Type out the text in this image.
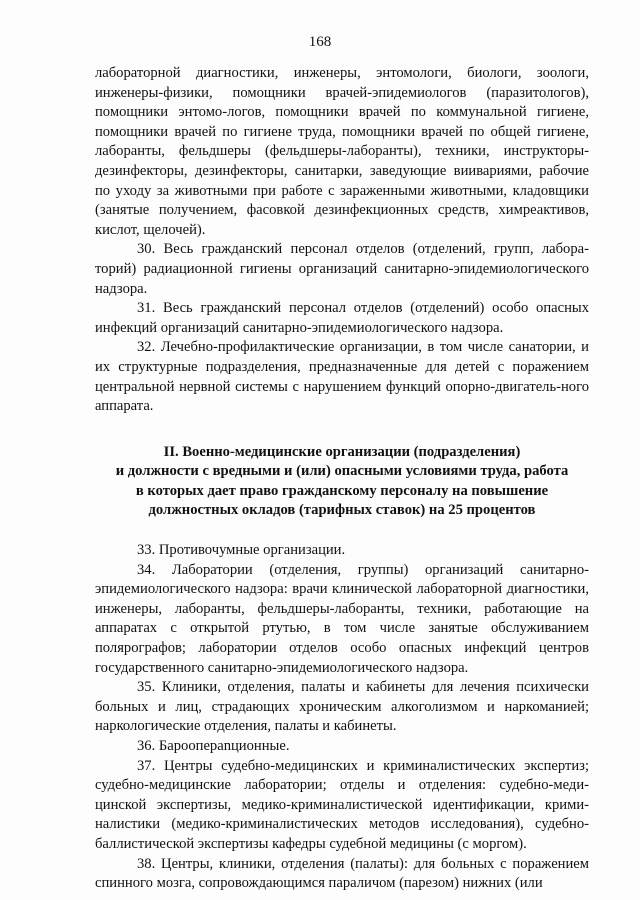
168

лабораторной диагностики, инженеры, энтомологи, биологи, зоологи, инженеры-физики, помощники врачей-эпидемиологов (паразитологов), помощники энтомо-логов, помощники врачей по коммунальной гигиене, помощники врачей по гигиене труда, помощники врачей по общей гигиене, лаборанты, фельдшеры (фельдшеры-лаборанты), техники, инструкторы-дезинфекторы, дезинфекторы, санитарки, заведующие виивариями, рабочие по уходу за животными при работе с зараженными животными, кладовщики (занятые получением, фасовкой дезинфекционных средств, химреактивов, кислот, щелочей).

30. Весь гражданский персонал отделов (отделений, групп, лабора-торий) радиационной гигиены организаций санитарно-эпидемиологического надзора.

31. Весь гражданский персонал отделов (отделений) особо опасных инфекций организаций санитарно-эпидемиологического надзора.

32. Лечебно-профилактические организации, в том числе санатории, и их структурные подразделения, предназначенные для детей с поражением центральной нервной системы с нарушением функций опорно-двигатель-ного аппарата.

II. Военно-медицинские организации (подразделения)
и должности с вредными и (или) опасными условиями труда, работа
в которых дает право гражданскому персоналу на повышение
должностных окладов (тарифных ставок) на 25 процентов

33. Противочумные организации.

34. Лаборатории (отделения, группы) организаций санитарно-эпидемиологического надзора: врачи клинической лабораторной диагностики, инженеры, лаборанты, фельдшеры-лаборанты, техники, работающие на аппаратах с открытой ртутью, в том числе занятые обслуживанием полярографов; лаборатории отделов особо опасных инфекций центров государственного санитарно-эпидемиологического надзора.

35. Клиники, отделения, палаты и кабинеты для лечения психически больных и лиц, страдающих хроническим алкоголизмом и наркоманией; наркологические отделения, палаты и кабинеты.

36. Бароопераnционные.

37. Центры судебно-медицинских и криминалистических экспертиз; судебно-медицинские лаборатории; отделы и отделения: судебно-меди-цинской экспертизы, медико-криминалистической идентификации, крими-налистики (медико-криминалистических методов исследования), судебно-баллистической экспертизы кафедры судебной медицины (с моргом).

38. Центры, клиники, отделения (палаты): для больных с поражением спинного мозга, сопровождающимся параличом (парезом) нижних (или
